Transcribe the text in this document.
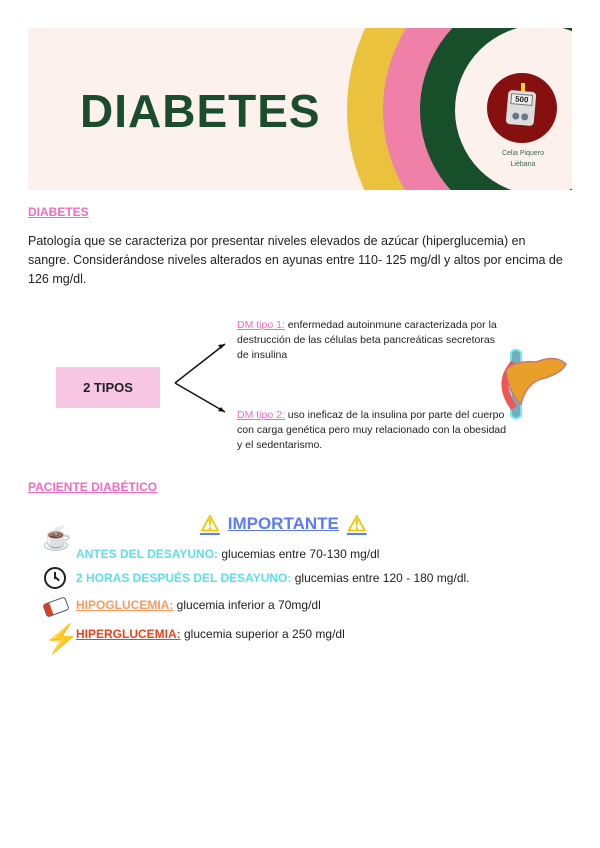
500
DIABETES
Celia Piquero
Liébana
DIABETES
Patología que se caracteriza por presentar niveles elevados de azúcar (hiperglucemia) en sangre. Considerándose niveles alterados en ayunas entre 110- 125 mg/dl y altos por encima de 126 mg/dl.
2 TIPOS
DM tipo 1: enfermedad autoinmune caracterizada por la destrucción de las células beta pancreáticas secretoras de insulina
DM tipo 2: uso ineficaz de la insulina por parte del cuerpo con carga genética pero muy relacionado con la obesidad y el sedentarismo.
PACIENTE DIABÉTICO
⚠ IMPORTANTE ⚠
☕
⚡
ANTES DEL DESAYUNO: glucemias entre 70-130 mg/dl
2 HORAS DESPUÉS DEL DESAYUNO: glucemias entre 120 - 180 mg/dl.
HIPOGLUCEMIA: glucemia inferior a 70mg/dl
HIPERGLUCEMIA: glucemia superior a 250 mg/dl
